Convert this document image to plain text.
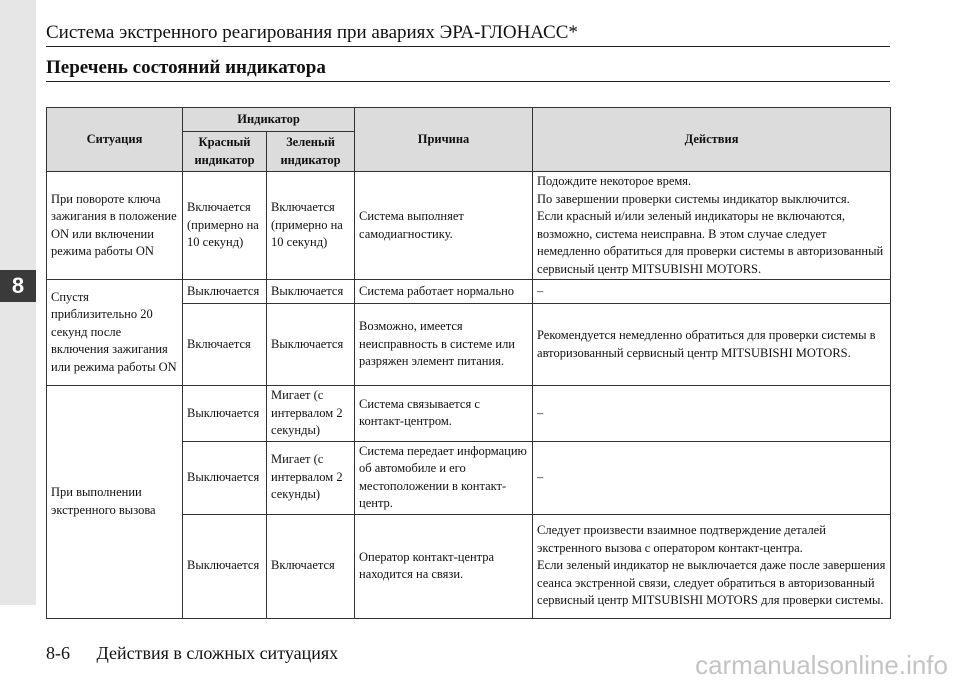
8
Система экстренного реагирования при авариях ЭРА-ГЛОНАСС*
Перечень состояний индикатора
Ситуация	Индикатор		Причина	Действия
	Красный индикатор	Зеленый индикатор		
При повороте ключа зажигания в положение ON или включении режима работы ON	Включается (примерно на 10 секунд)	Включается (примерно на 10 секунд)	Система выполняет самодиагностику.	Подождите некоторое время.
По завершении проверки системы индикатор выключится.
Если красный и/или зеленый индикаторы не включаются, возможно, система неисправна. В этом случае следует немедленно обратиться для проверки системы в авторизованный сервисный центр MITSUBISHI MOTORS.
Спустя приблизительно 20 секунд после включения зажигания или режима работы ON	Выключается	Выключается	Система работает нормально	–
	Включается	Выключается	Возможно, имеется неисправность в системе или разряжен элемент питания.	Рекомендуется немедленно обратиться для проверки системы в авторизованный сервисный центр MITSUBISHI MOTORS.
При выполнении экстренного вызова	Выключается	Мигает (с интервалом 2 секунды)	Система связывается с контакт-центром.	–
	Выключается	Мигает (с интервалом 2 секунды)	Система передает информацию об автомобиле и его местоположении в контакт-центр.	–
	Выключается	Включается	Оператор контакт-центра находится на связи.	Следует произвести взаимное подтверждение деталей экстренного вызова с оператором контакт-центра.
Если зеленый индикатор не выключается даже после завершения сеанса экстренной связи, следует обратиться в авторизованный сервисный центр MITSUBISHI MOTORS для проверки системы.
8-6 Действия в сложных ситуациях	carmanualsonline.info
